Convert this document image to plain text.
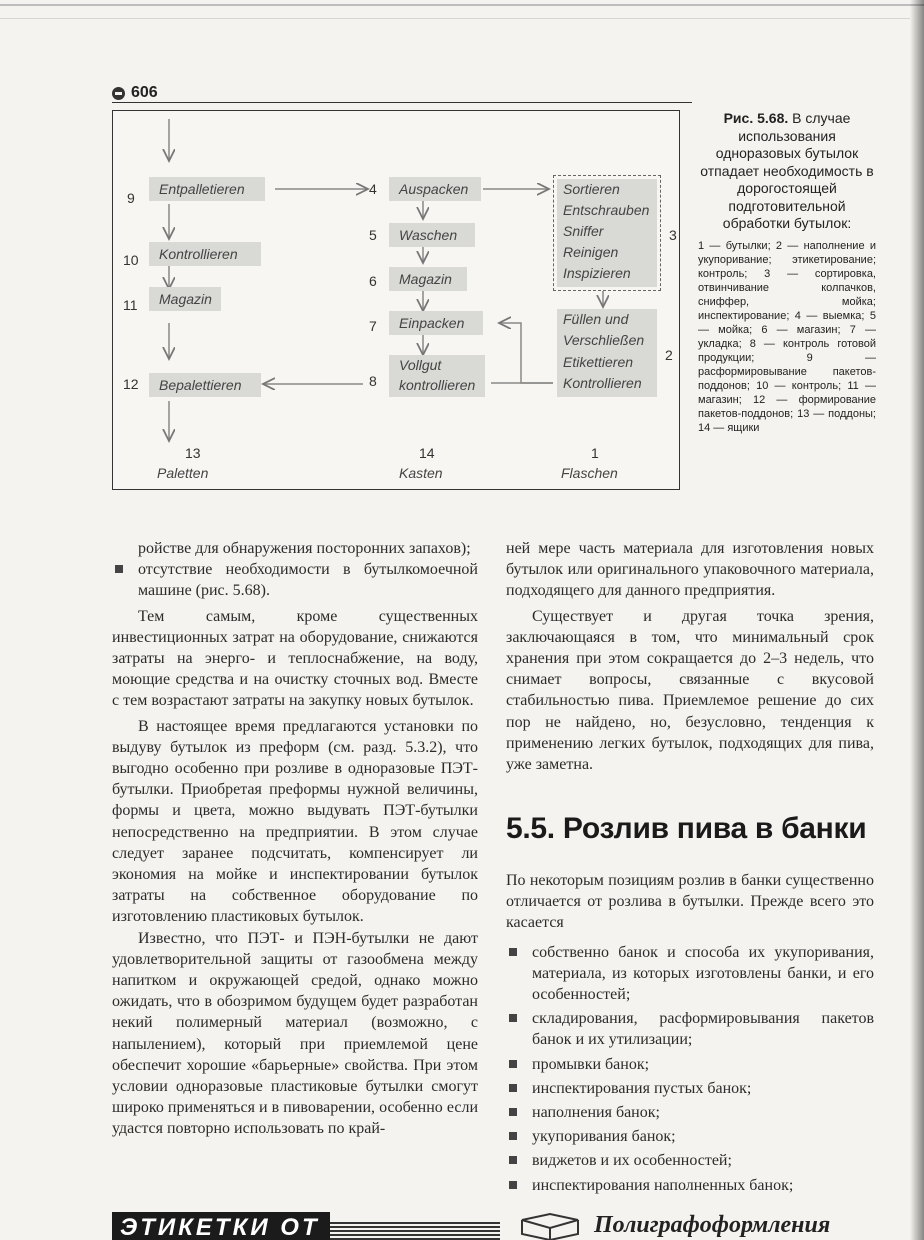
606
9
Entpalletieren
10 Kontrollieren
11 Magazin
12 Bepalettieren
13
Paletten
4 Auspacken
5 Waschen
6 Magazin
7 Einpacken
8
Vollgut
kontrollieren
14
Kasten
Sortieren
Entschrauben
Sniffer
Reinigen
Inspizieren
3
Füllen und
Verschließen
Etikettieren
Kontrollieren
2
1
Flaschen

Рис. 5.68. В случае использования одноразовых бутылок отпадает необходимость в дорогостоящей подготовительной обработки бутылок:

1 — бутылки; 2 — наполнение и укупоривание; этикетирование; контроль; 3 — сортировка, отвинчивание колпачков, сниффер, мойка; инспектирование; 4 — выемка; 5 — мойка; 6 — магазин; 7 — укладка; 8 — контроль готовой продукции; 9 — расформировывание пакетов-поддонов; 10 — контроль; 11 — магазин; 12 — формирование пакетов-поддонов; 13 — поддоны; 14 — ящики

ройстве для обнаружения посторонних запахов);

отсутствие необходимости в бутылкомоечной машине (рис. 5.68).

Тем самым, кроме существенных инвестиционных затрат на оборудование, снижаются затраты на энерго- и теплоснабжение, на воду, моющие средства и на очистку сточных вод. Вместе с тем возрастают затраты на закупку новых бутылок.

В настоящее время предлагаются установки по выдуву бутылок из преформ (см. разд. 5.3.2), что выгодно особенно при розливе в одноразовые ПЭТ-бутылки. Приобретая преформы нужной величины, формы и цвета, можно выдувать ПЭТ-бутылки непосредственно на предприятии. В этом случае следует заранее подсчитать, компенсирует ли экономия на мойке и инспектировании бутылок затраты на собственное оборудование по изготовлению пластиковых бутылок.

Известно, что ПЭТ- и ПЭН-бутылки не дают удовлетворительной защиты от газообмена между напитком и окружающей средой, однако можно ожидать, что в обозримом будущем будет разработан некий полимерный материал (возможно, с напылением), который при приемлемой цене обеспечит хорошие «барьерные» свойства. При этом условии одноразовые пластиковые бутылки смогут широко применяться и в пивоварении, особенно если удастся повторно использовать по край-

ней мере часть материала для изготовления новых бутылок или оригинального упаковочного материала, подходящего для данного предприятия.

Существует и другая точка зрения, заключающаяся в том, что минимальный срок хранения при этом сокращается до 2–3 недель, что снимает вопросы, связанные с вкусовой стабильностью пива. Приемлемое решение до сих пор не найдено, но, безусловно, тенденция к применению легких бутылок, подходящих для пива, уже заметна.

5.5. Розлив пива в банки

По некоторым позициям розлив в банки существенно отличается от розлива в бутылки. Прежде всего это касается

собственно банок и способа их укупоривания, материала, из которых изготовлены банки, и его особенностей;

складирования, расформировывания пакетов банок и их утилизации;

промывки банок;

инспектирования пустых банок;

наполнения банок;

укупоривания банок;

виджетов и их особенностей;

инспектирования наполненных банок;

ЭТИКЕТКИ ОТ	Полиграфоформления
